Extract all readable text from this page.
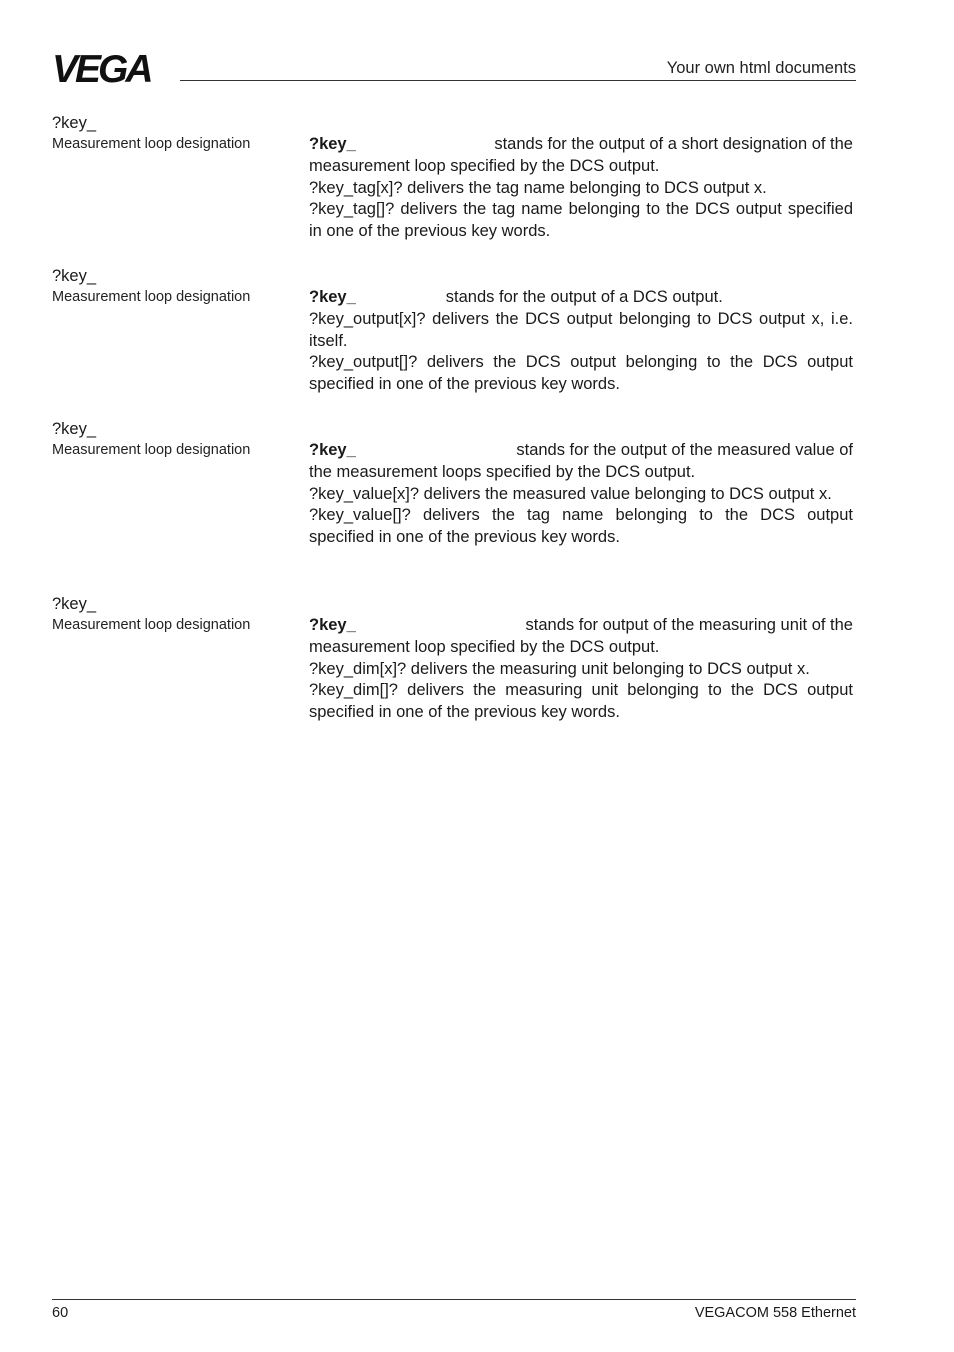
VEGA	Your own html documents
?key_
Measurement loop designation	?key_	stands for the output of a short designation of the

measurement loop specified by the DCS output.

?key_tag[x]? delivers the tag name belonging to DCS output x.

?key_tag[]? delivers the tag name belonging to the DCS output specified in one of the previous key words.

?key_
Measurement loop designation	?key_	stands for the output of a DCS output.

?key_output[x]? delivers the DCS output belonging to DCS output x, i.e. itself.

?key_output[]? delivers the DCS output belonging to the DCS output specified in one of the previous key words.

?key_
Measurement loop designation	?key_	stands for the output of the measured value of

the measurement loops specified by the DCS output.

?key_value[x]? delivers the measured value belonging to DCS output x.

?key_value[]? delivers the tag name belonging to the DCS output specified in one of the previous key words.

?key_
Measurement loop designation	?key_	stands for output of the measuring unit of the

measurement loop specified by the DCS output.

?key_dim[x]? delivers the measuring unit belonging to DCS output x.

?key_dim[]? delivers the measuring unit belonging to the DCS output specified in one of the previous key words.

60	VEGACOM 558 Ethernet
